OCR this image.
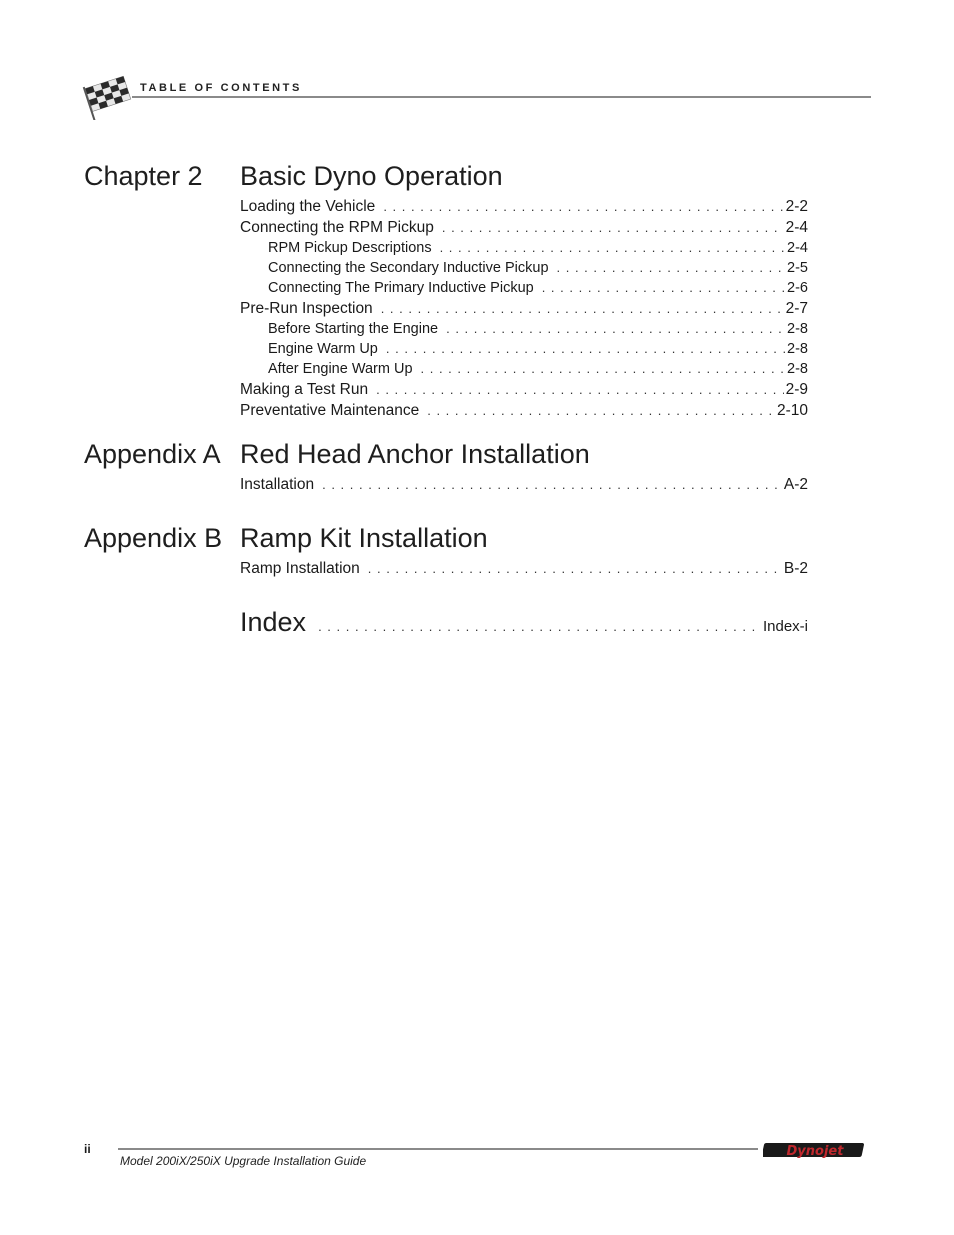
TABLE OF CONTENTS
Chapter 2 Basic Dyno Operation
Loading the Vehicle . . .	2-2
Connecting the RPM Pickup . . .	2-4
RPM Pickup Descriptions . . .	2-4
Connecting the Secondary Inductive Pickup . . .	2-5
Connecting The Primary Inductive Pickup . . .	2-6
Pre-Run Inspection . . .	2-7
Before Starting the Engine . . .	2-8
Engine Warm Up . . .	2-8
After Engine Warm Up . . .	2-8
Making a Test Run . . .	2-9
Preventative Maintenance . . .	2-10
Appendix A Red Head Anchor Installation
Installation . . .	A-2
Appendix B Ramp Kit Installation
Ramp Installation . . .	B-2
Index . . .	Index-i
ii
Model 200iX/250iX Upgrade Installation Guide
Dynojet
